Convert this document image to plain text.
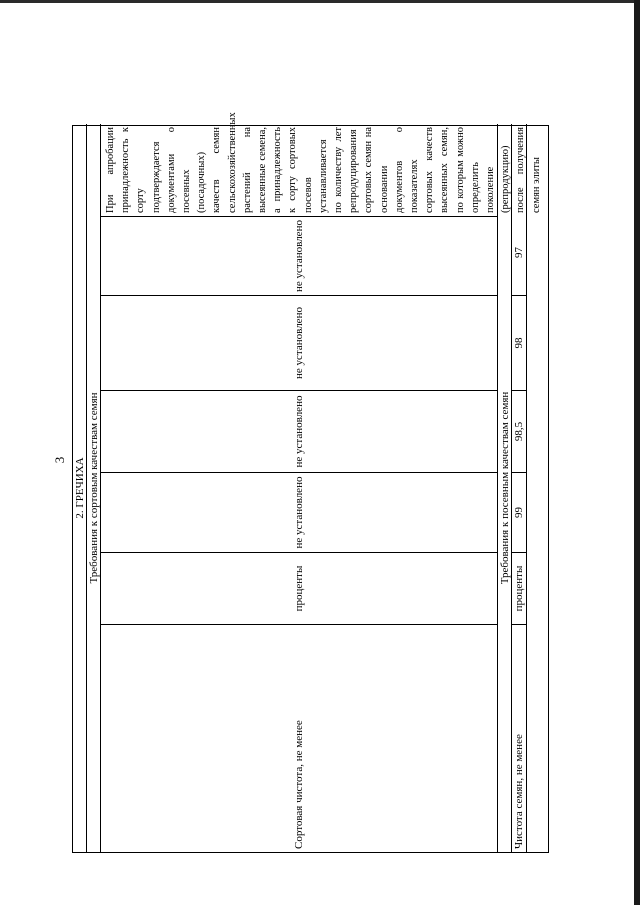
3 2. ГРЕЧИХА Требования к сортовым качествам семян
Сортовая чистота, не менее
проценты
не установлено
не установлено
не установлено
не установлено
При апробации принадлежность к сорту подтверждается документами о посевных (посадочных) качеств семян сельскохозяйственных растений на высеянные семена, а принадлежность к сорту сортовых посевов устанавливается по количеству лет репродуцирования сортовых семян на основании документов о показателях сортовых качеств высеянных семян, по которым можно определить поколение (репродукцию) после получения семян элиты
Требования к посевным качествам семян
Чистота семян, не менее
проценты
99
98,5
98
97
